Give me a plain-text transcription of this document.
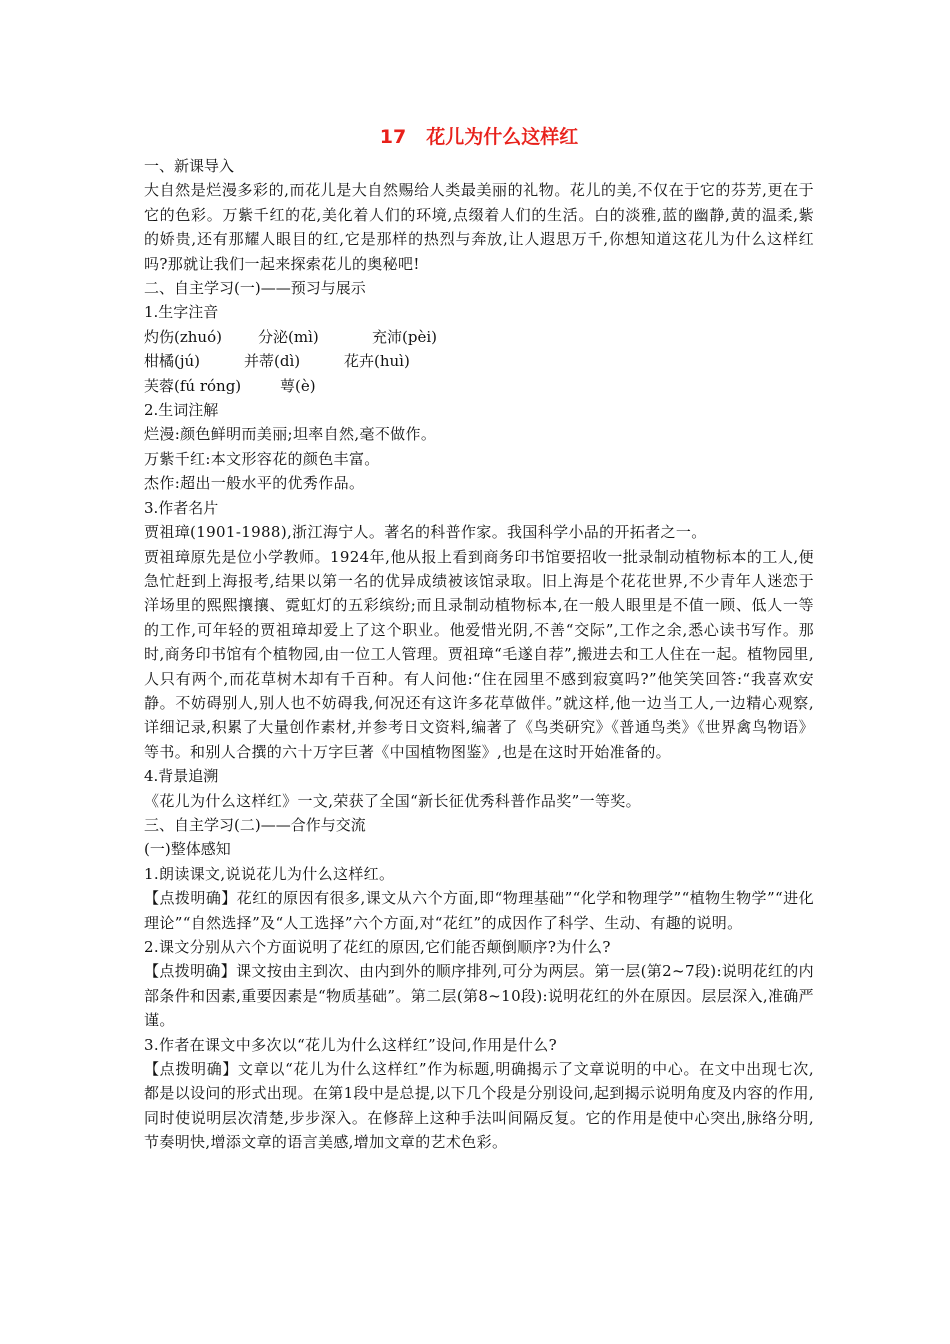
17 花儿为什么这样红

一、新课导入

大自然是烂漫多彩的,而花儿是大自然赐给人类最美丽的礼物。花儿的美,不仅在于它的芬芳,更在于它的色彩。万紫千红的花,美化着人们的环境,点缀着人们的生活。白的淡雅,蓝的幽静,黄的温柔,紫的娇贵,还有那耀人眼目的红,它是那样的热烈与奔放,让人遐思万千,你想知道这花儿为什么这样红吗?那就让我们一起来探索花儿的奥秘吧!

二、自主学习(一)——预习与展示

1.生字注音

灼伤(zhuó) 分泌(mì)	充沛(pèi)

柑橘(jú)	并蒂(dì)	花卉(huì)

芙蓉(fú róng)	萼(è)

2.生词注解

烂漫:颜色鲜明而美丽;坦率自然,毫不做作。

万紫千红:本文形容花的颜色丰富。

杰作:超出一般水平的优秀作品。

3.作者名片

贾祖璋(1901-1988),浙江海宁人。著名的科普作家。我国科学小品的开拓者之一。

贾祖璋原先是位小学教师。1924年,他从报上看到商务印书馆要招收一批录制动植物标本的工人,便急忙赶到上海报考,结果以第一名的优异成绩被该馆录取。旧上海是个花花世界,不少青年人迷恋于洋场里的熙熙攘攘、霓虹灯的五彩缤纷;而且录制动植物标本,在一般人眼里是不值一顾、低人一等的工作,可年轻的贾祖璋却爱上了这个职业。他爱惜光阴,不善“交际”,工作之余,悉心读书写作。那时,商务印书馆有个植物园,由一位工人管理。贾祖璋“毛遂自荐”,搬进去和工人住在一起。植物园里,人只有两个,而花草树木却有千百种。有人问他:“住在园里不感到寂寞吗?”他笑笑回答:“我喜欢安静。不妨碍别人,别人也不妨碍我,何况还有这许多花草做伴。”就这样,他一边当工人,一边精心观察,详细记录,积累了大量创作素材,并参考日文资料,编著了《鸟类研究》《普通鸟类》《世界禽鸟物语》等书。和别人合撰的六十万字巨著《中国植物图鉴》,也是在这时开始准备的。

4.背景追溯

《花儿为什么这样红》一文,荣获了全国“新长征优秀科普作品奖”一等奖。

三、自主学习(二)——合作与交流

(一)整体感知

1.朗读课文,说说花儿为什么这样红。

【点拨明确】花红的原因有很多,课文从六个方面,即“物理基础”“化学和物理学”“植物生物学”“进化理论”“自然选择”及“人工选择”六个方面,对“花红”的成因作了科学、生动、有趣的说明。

2.课文分别从六个方面说明了花红的原因,它们能否颠倒顺序?为什么?

【点拨明确】课文按由主到次、由内到外的顺序排列,可分为两层。第一层(第2~7段):说明花红的内部条件和因素,重要因素是“物质基础”。第二层(第8~10段):说明花红的外在原因。层层深入,准确严谨。

3.作者在课文中多次以“花儿为什么这样红”设问,作用是什么?

【点拨明确】文章以“花儿为什么这样红”作为标题,明确揭示了文章说明的中心。在文中出现七次,都是以设问的形式出现。在第1段中是总提,以下几个段是分别设问,起到揭示说明角度及内容的作用,同时使说明层次清楚,步步深入。在修辞上这种手法叫间隔反复。它的作用是使中心突出,脉络分明,节奏明快,增添文章的语言美感,增加文章的艺术色彩。
